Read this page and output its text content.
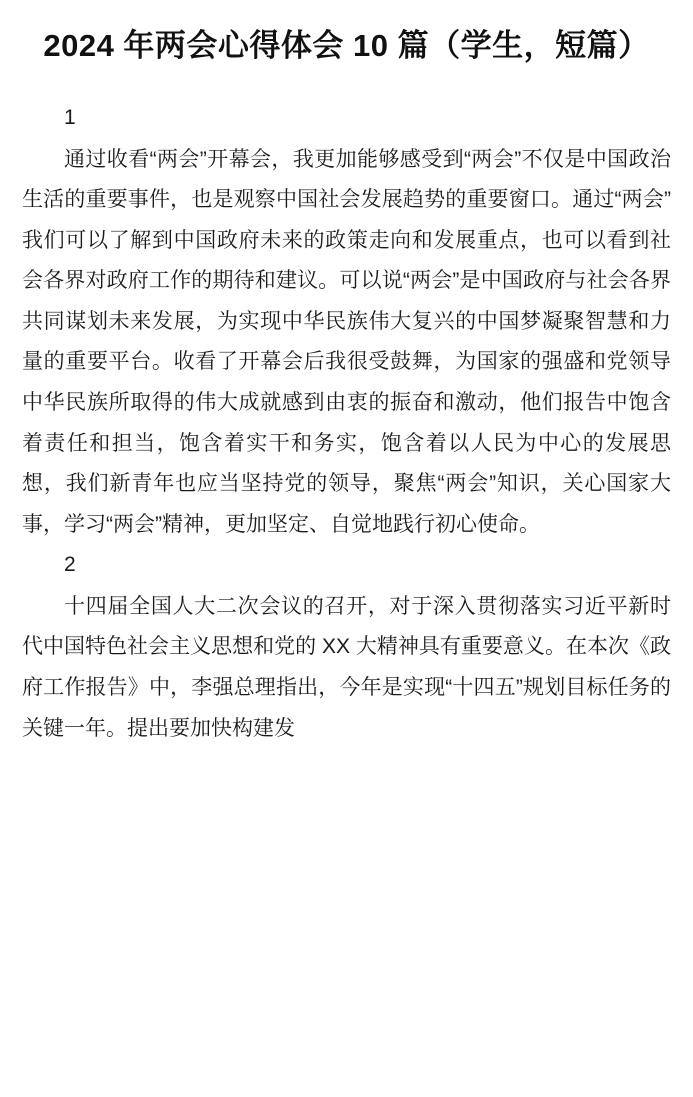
2024 年两会心得体会 10 篇（学生，短篇）

1

通过收看“两会”开幕会，我更加能够感受到“两会”不仅是中国政治生活的重要事件，也是观察中国社会发展趋势的重要窗口。通过“两会”我们可以了解到中国政府未来的政策走向和发展重点，也可以看到社会各界对政府工作的期待和建议。可以说“两会”是中国政府与社会各界共同谋划未来发展，为实现中华民族伟大复兴的中国梦凝聚智慧和力量的重要平台。收看了开幕会后我很受鼓舞，为国家的强盛和党领导中华民族所取得的伟大成就感到由衷的振奋和激动，他们报告中饱含着责任和担当，饱含着实干和务实，饱含着以人民为中心的发展思想，我们新青年也应当坚持党的领导，聚焦“两会”知识，关心国家大事，学习“两会”精神，更加坚定、自觉地践行初心使命。

2

十四届全国人大二次会议的召开，对于深入贯彻落实习近平新时代中国特色社会主义思想和党的 XX 大精神具有重要意义。在本次《政府工作报告》中，李强总理指出，今年是实现“十四五”规划目标任务的关键一年。提出要加快构建发
